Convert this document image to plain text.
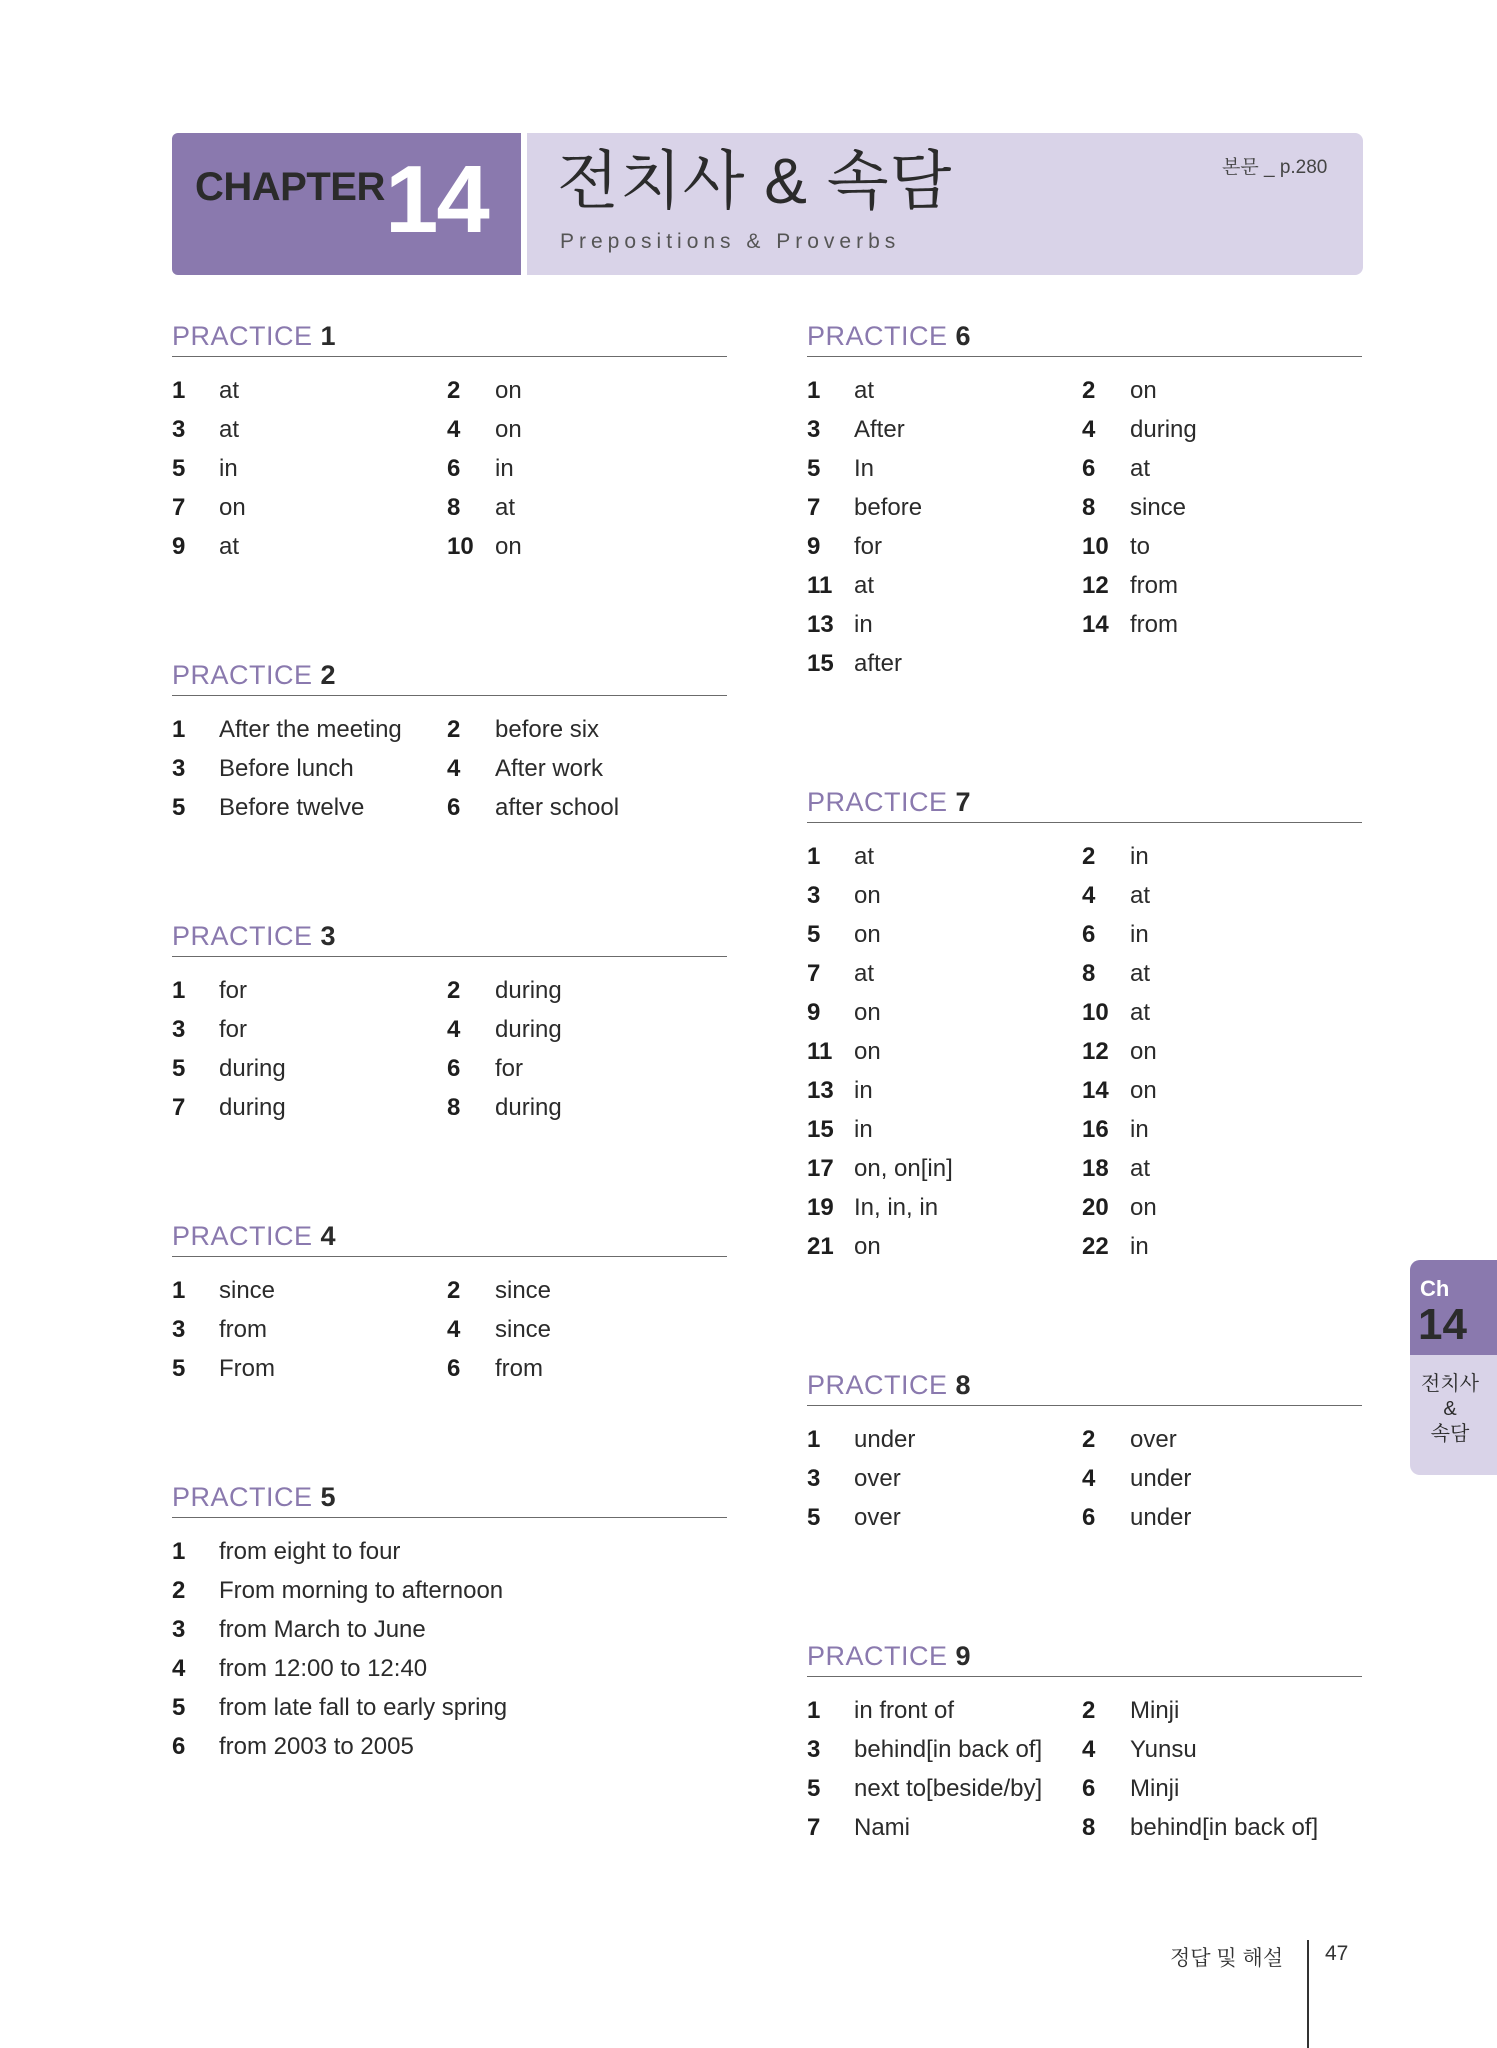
CHAPTER 14 전치사 & 속담
Prepositions & Proverbs
본문 _ p.280
PRACTICE 1
1 at	2 on
3 at	4 on
5 in	6 in
7 on	8 at
9 at	10 on
PRACTICE 2
1 After the meeting 2 before six
3 Before lunch	4 After work
5 Before twelve	6 after school
PRACTICE 3
1 for	2 during
3 for	4 during
5 during	6 for
7 during	8 during
PRACTICE 4
1 since	2 since
3 from	4 since
5 From	6 from
PRACTICE 5
1 from eight to four
2 From morning to afternoon
3 from March to June
4 from 12:00 to 12:40
5 from late fall to early spring
6 from 2003 to 2005
PRACTICE 6
1 at	2 on
3 After	4 during
5 In	6 at
7 before	8 since
9 for	10 to
11 at	12 from
13 in	14 from
15 after
PRACTICE 7
1 at	2 in
3 on	4 at
5 on	6 in
7 at	8 at
9 on	10 at
11 on	12 on
13 in	14 on
15 in	16 in
17 on, on[in]	18 at
19 In, in, in	20 on
21 on	22 in
PRACTICE 8
1 under	2 over
3 over	4 under
5 over	6 under
PRACTICE 9
1 in front of	2 Minji
3 behind[in back of] 4 Yunsu
5 next to[beside/by] 6 Minji
7 Nami	8 behind[in back of]
Ch
14
전치사
&
속담
정답 및 해설 47
